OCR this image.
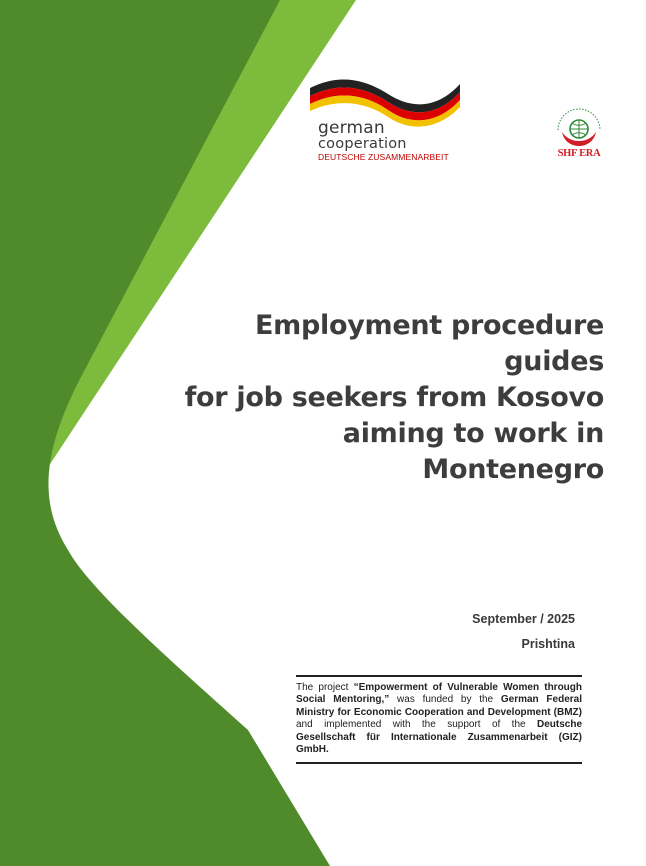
german
cooperation
DEUTSCHE ZUSAMMENARBEIT	SHF ERA
Employment procedure guides
for job seekers from Kosovo
aiming to work in Montenegro
September / 2025
Prishtina
The project “Empowerment of Vulnerable Women through Social Mentoring,” was funded by the German Federal Ministry for Economic Cooperation and Development (BMZ) and implemented with the support of the Deutsche Gesellschaft für Internationale Zusammenarbeit (GIZ) GmbH.
